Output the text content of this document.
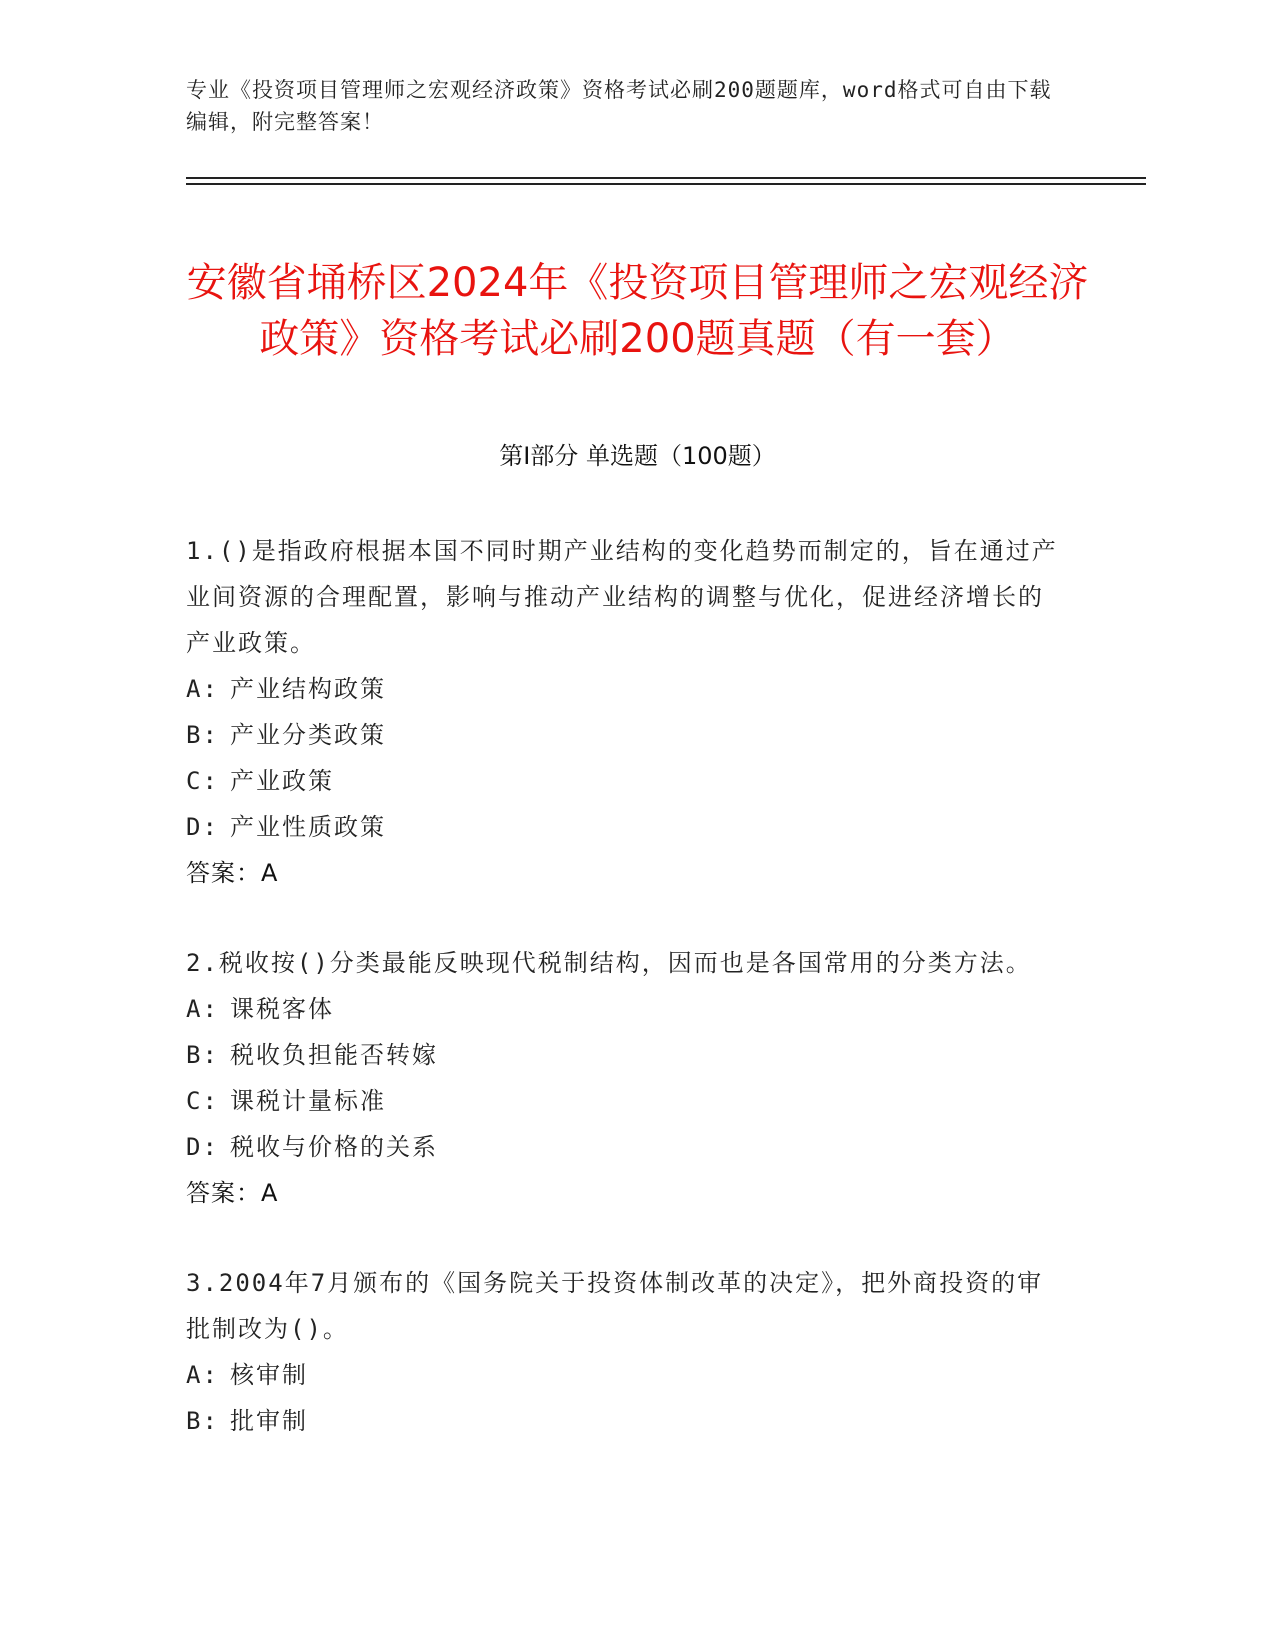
专业《投资项目管理师之宏观经济政策》资格考试必刷200题题库，word格式可自由下载编辑，附完整答案！
安徽省埇桥区2024年《投资项目管理师之宏观经济政策》资格考试必刷200题真题（有一套）
第Ⅰ部分 单选题（100题）
1.()是指政府根据本国不同时期产业结构的变化趋势而制定的，旨在通过产业间资源的合理配置，影响与推动产业结构的调整与优化，促进经济增长的产业政策。
A: 产业结构政策
B: 产业分类政策
C: 产业政策
D: 产业性质政策
答案：A
2.税收按()分类最能反映现代税制结构，因而也是各国常用的分类方法。
A: 课税客体
B: 税收负担能否转嫁
C: 课税计量标准
D: 税收与价格的关系
答案：A
3.2004年7月颁布的《国务院关于投资体制改革的决定》，把外商投资的审批制改为()。
A: 核审制
B: 批审制
